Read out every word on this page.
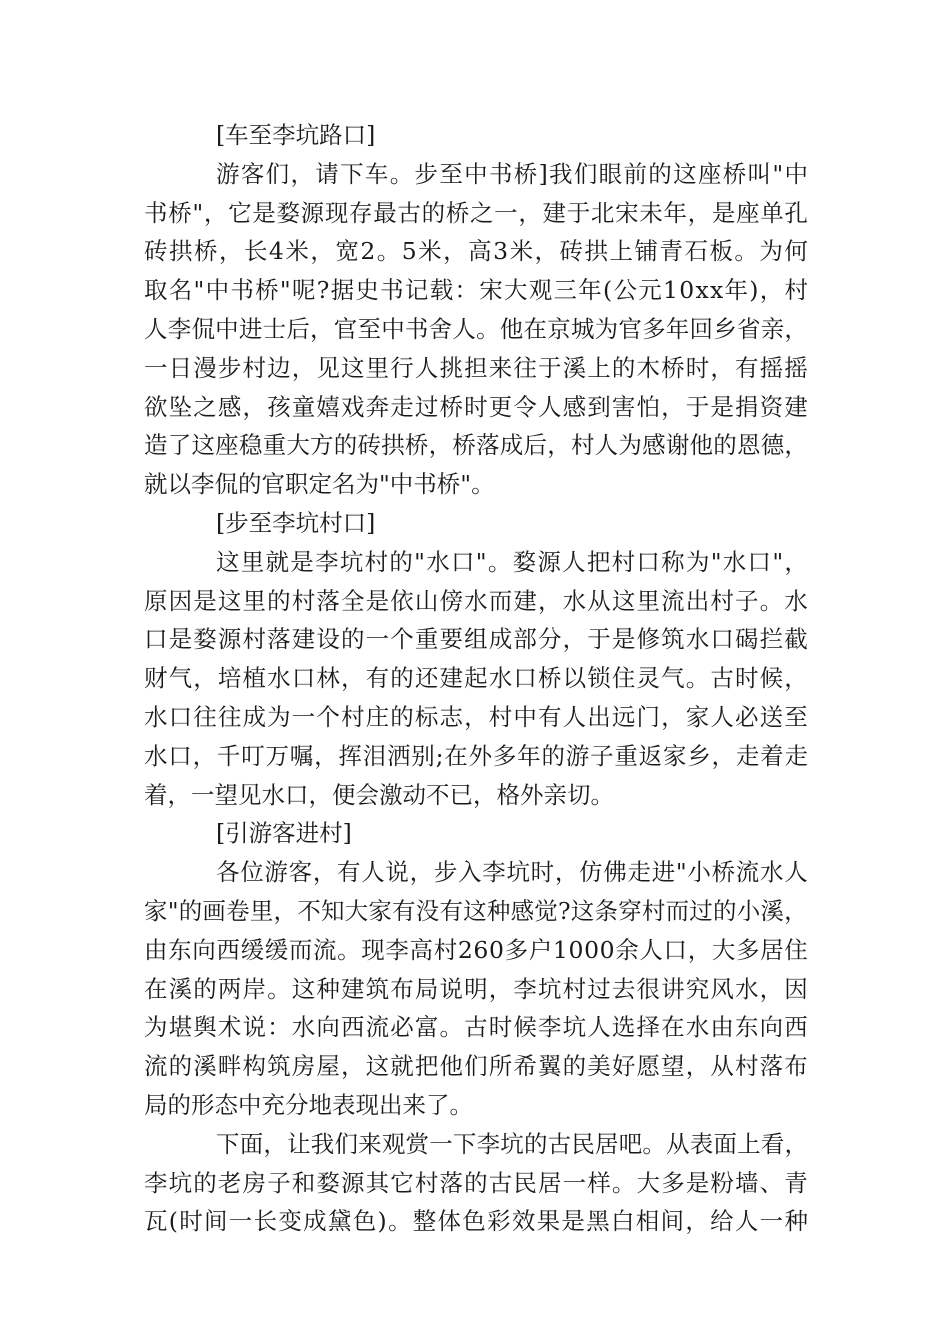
[车至李坑路口]
游 客 们 ， 请 下 车 。 步 至 中 书 桥 ] 我 们 眼 前 的 这 座 桥 叫 " 中
书 桥 " ， 它 是 婺 源 现 存 最 古 的 桥 之 一 ， 建 于 北 宋 未 年 ， 是 座 单 孔
砖 拱 桥 ， 长 4 米 ， 宽 2 。 5 米 ， 高 3 米 ， 砖 拱 上 铺 青 石 板 。 为 何
取 名 " 中 书 桥 " 呢 ? 据 史 书 记 载 ： 宋 大 观 三 年 ( 公 元 1 0 x x 年 ) ， 村
人 李 侃 中 进 士 后 ， 官 至 中 书 舍 人 。 他 在 京 城 为 官 多 年 回 乡 省 亲 ，
一 日 漫 步 村 边 ， 见 这 里 行 人 挑 担 来 往 于 溪 上 的 木 桥 时 ， 有 摇 摇
欲 坠 之 感 ， 孩 童 嬉 戏 奔 走 过 桥 时 更 令 人 感 到 害 怕 ， 于 是 捐 资 建
造 了 这 座 稳 重 大 方 的 砖 拱 桥 ， 桥 落 成 后 ， 村 人 为 感 谢 他 的 恩 德 ，
就以李侃的官职定名为"中书桥"。
[步至李坑村口]
这 里 就 是 李 坑 村 的 " 水 口 " 。 婺 源 人 把 村 口 称 为 " 水 口 " ，
原 因 是 这 里 的 村 落 全 是 依 山 傍 水 而 建 ， 水 从 这 里 流 出 村 子 。 水
口 是 婺 源 村 落 建 设 的 一 个 重 要 组 成 部 分 ， 于 是 修 筑 水 口 碣 拦 截
财 气 ， 培 植 水 口 林 ， 有 的 还 建 起 水 口 桥 以 锁 住 灵 气 。 古 时 候 ，
水 口 往 往 成 为 一 个 村 庄 的 标 志 ， 村 中 有 人 出 远 门 ， 家 人 必 送 至
水 口 ， 千 叮 万 嘱 ， 挥 泪 洒 别 ; 在 外 多 年 的 游 子 重 返 家 乡 ， 走 着 走
着，一望见水口，便会激动不已，格外亲切。
[引游客进村]
各 位 游 客 ， 有 人 说 ， 步 入 李 坑 时 ， 仿 佛 走 进 " 小 桥 流 水 人
家 " 的 画 卷 里 ， 不 知 大 家 有 没 有 这 种 感 觉 ? 这 条 穿 村 而 过 的 小 溪 ，
由 东 向 西 缓 缓 而 流 。 现 李 高 村 2 6 0 多 户 1 0 0 0 余 人 口 ， 大 多 居 住
在 溪 的 两 岸 。 这 种 建 筑 布 局 说 明 ， 李 坑 村 过 去 很 讲 究 风 水 ， 因
为 堪 舆 术 说 ： 水 向 西 流 必 富 。 古 时 候 李 坑 人 选 择 在 水 由 东 向 西
流 的 溪 畔 构 筑 房 屋 ， 这 就 把 他 们 所 希 翼 的 美 好 愿 望 ， 从 村 落 布
局的形态中充分地表现出来了。
下 面 ， 让 我 们 来 观 赏 一 下 李 坑 的 古 民 居 吧 。 从 表 面 上 看 ，
李 坑 的 老 房 子 和 婺 源 其 它 村 落 的 古 民 居 一 样 。 大 多 是 粉 墙 、 青
瓦 ( 时 间 一 长 变 成 黛 色 ) 。 整 体 色 彩 效 果 是 黑 白 相 间 ， 给 人 一 种
